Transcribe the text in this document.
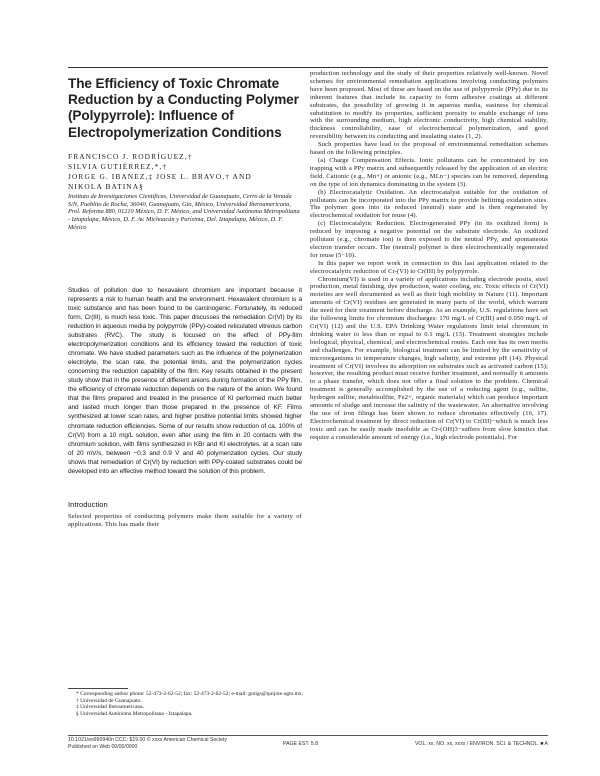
The Efficiency of Toxic Chromate Reduction by a Conducting Polymer (Polypyrrole): Influence of Electropolymerization Conditions
FRANCISCO J. RODRÍGUEZ,†
SILVIA GUTIÉRREZ,*,†
JORGE G. IBANEZ,‡ JOSE L. BRAVO,† AND
NIKOLA BATINA§
Instituto de Investigaciones Científicas, Universidad de Guanajuato, Cerro de la Venada S/N, Pueblito de Rocha, 36040, Guanajuato, Gto, México, Universidad Iberoamericana, Prol. Reforma 880, 01210 México, D. F. México, and Universidad Autónoma Metropolitana - Iztapalapa, México, D. F. Av. Michoacán y Purísima, Del. Iztapalapa, México, D. F. México
Studies of pollution due to hexavalent chromium are important because it represents a risk to human health and the environment. Hexavalent chromium is a toxic substance and has been found to be carcinogenic. Fortunately, its reduced form, Cr(III), is much less toxic. This paper discusses the remediation Cr(VI) by its reduction in aqueous media by polypyrrole (PPy)-coated reticulated vitreous carbon substrates (RVC). The study is focused on the effect of PPy-film electropolymerization conditions and its efficiency toward the reduction of toxic chromate. We have studied parameters such as the influence of the polymerization electrolyte, the scan rate, the potential limits, and the polymerization cycles concerning the reduction capability of the film. Key results obtained in the present study show that in the presence of different anions during formation of the PPy film, the efficiency of chromate reduction depends on the nature of the anion. We found that the films prepared and treated in the presence of KI performed much better and lasted much longer than those prepared in the presence of KF. Films synthesized at lower scan rates, and higher positive potential limits showed higher chromate reduction efficiencies. Some of our results show reduction of ca. 100% of Cr(VI) from a 10 mg/L solution, even after using the film in 20 contacts with the chromium solution, with films synthesized in KBr and KI electrolytes, at a scan rate of 20 mV/s, between −0.3 and 0.9 V and 40 polymerization cycles. Our study shows that remediation of Cr(VI) by reduction with PPy-coated substrates could be developed into an effective method toward the solution of this problem.
Introduction
Selected properties of conducting polymers make them suitable for a variety of applications. This has made their

* Corresponding author phone: 52-473-2-62-52; fax: 52-473-2-62-52; e-mail: gutigs@quijote.ugto.mx.

† Universidad de Guanajuato.

‡ Universidad Iberoamericana.

§ Universidad Autónoma Metropolitana - Iztapalapa.

production technology and the study of their properties relatively well-known. Novel schemes for environmental remediation applications involving conducting polymers have been proposed. Most of these are based on the use of polypyrrole (PPy) due to its inherent features that include its capacity to form adhesive coatings at different substrates, the possibility of growing it in aqueous media, easiness for chemical substitution to modify its properties, sufficient porosity to enable exchange of ions with the surrounding medium, high electronic conductivity, high chemical stability, thickness controllability, ease of electrochemical polymerization, and good reversibility between its conducting and insulating states (1, 2).

Such properties have lead to the proposal of environmental remediation schemes based on the following principles.

(a) Charge Compensation Effects. Ionic pollutants can be concentrated by ion trapping with a PPy matrix and subsequently released by the application of an electric field. Cationic (e.g., Mn+) or anionic (e.g., MLn−) species can be removed, depending on the type of ion dynamics dominating in the system (3).

(b) Electrocatalytic Oxidation. An electrocatalyst suitable for the oxidation of pollutants can be incorporated into the PPy matrix to provide befitting oxidation sites. The polymer goes into its reduced (neutral) state and is then regenerated by electrochemical oxidation for reuse (4).

(c) Electrocatalytic Reduction. Electrogenerated PPy (in its oxidized form) is reduced by imposing a negative potential on the substrate electrode. An oxidized pollutant (e.g., chromate ion) is then exposed to the neutral PPy, and spontaneous electron transfer occurs. The (neutral) polymer is then electrochemically regenerated for reuse (5−10).

In this paper we report work in connection to this last application related to the electrocatalytic reduction of Cr-(VI) to Cr(III) by polypyrrole.

Chromium(VI) is used in a variety of applications including electrode posits, steel production, metal finishing, dye production, water cooling, etc. Toxic effects of Cr(VI) moieties are well documented as well as their high mobility in Nature (11). Important amounts of Cr(VI) residues are generated in many parts of the world, which warrant the need for their treatment before discharge. As an example, U.S. regulations have set the following limits for chromium discharges: 170 mg/L of Cr(III) and 0.050 mg/L of Cr(VI) (12) and the U.S. EPA Drinking Water regulations limit total chromium in drinking water to less than or equal to 0.1 mg/L (13). Treatment strategies include biological, physical, chemical, and electrochemical routes. Each one has its own merits and challenges. For example, biological treatment can be limited by the sensitivity of microorganisms to temperature changes, high salinity, and extreme pH (14). Physical treatment of Cr(VI) involves its adsorption on substrates such as activated carbon (15); however, the resulting product must receive further treatment, and normally it amounts to a phase transfer, which does not offer a final solution to the problem. Chemical treatment is generally accomplished by the use of a reducing agent (e.g., sulfite, hydrogen sulfite, metabisulfite, Fe2+, organic materials) which can produce important amounts of sludge and increase the salinity of the wastewater. An alternative involving the use of iron filings has been shown to reduce chromates effectively (16, 17). Electrochemical treatment by direct reduction of Cr(VI) to Cr(III)−which is much less toxic and can be easily made insoluble as Cr-(OH)3−suffers from slow kinetics that require a considerable amount of energy (i.e., high electrode potentials). For

10.1021/es990940n CCC: $19.00 © xxxx American Chemical Society
Published on Web 00/00/0000	PAGE EST: 5.8	VOL. xx, NO. xx, xxxx / ENVIRON. SCI. & TECHNOL. ■ A
